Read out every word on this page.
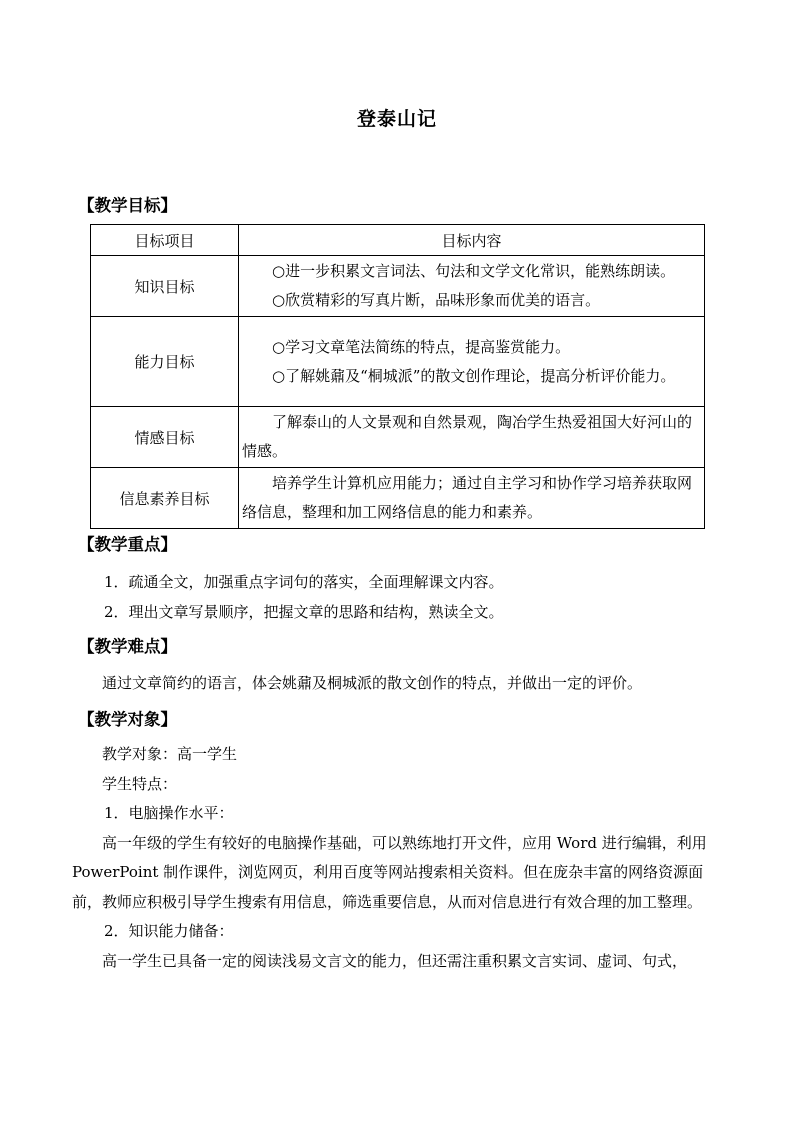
登泰山记
【教学目标】
目标项目	目标内容
知识目标	○进一步积累文言词法、句法和文学文化常识，能熟练朗读。
○欣赏精彩的写真片断，品味形象而优美的语言。

能力目标	○学习文章笔法简练的特点，提高鉴赏能力。
○了解姚鼐及“桐城派”的散文创作理论，提高分析评价能力。

情感目标	了解泰山的人文景观和自然景观，陶冶学生热爱祖国大好河山的情感。

信息素养目标	培养学生计算机应用能力；通过自主学习和协作学习培养获取网络信息，整理和加工网络信息的能力和素养。
【教学重点】
1．疏通全文，加强重点字词句的落实，全面理解课文内容。
2．理出文章写景顺序，把握文章的思路和结构，熟读全文。
【教学难点】
通过文章简约的语言，体会姚鼐及桐城派的散文创作的特点，并做出一定的评价。
【教学对象】
教学对象：高一学生
学生特点：
1．电脑操作水平：
高一年级的学生有较好的电脑操作基础，可以熟练地打开文件，应用 Word 进行编辑，利用 PowerPoint 制作课件，浏览网页，利用百度等网站搜索相关资料。但在庞杂丰富的网络资源面前，教师应积极引导学生搜索有用信息，筛选重要信息，从而对信息进行有效合理的加工整理。
2．知识能力储备：
高一学生已具备一定的阅读浅易文言文的能力，但还需注重积累文言实词、虚词、句式，
